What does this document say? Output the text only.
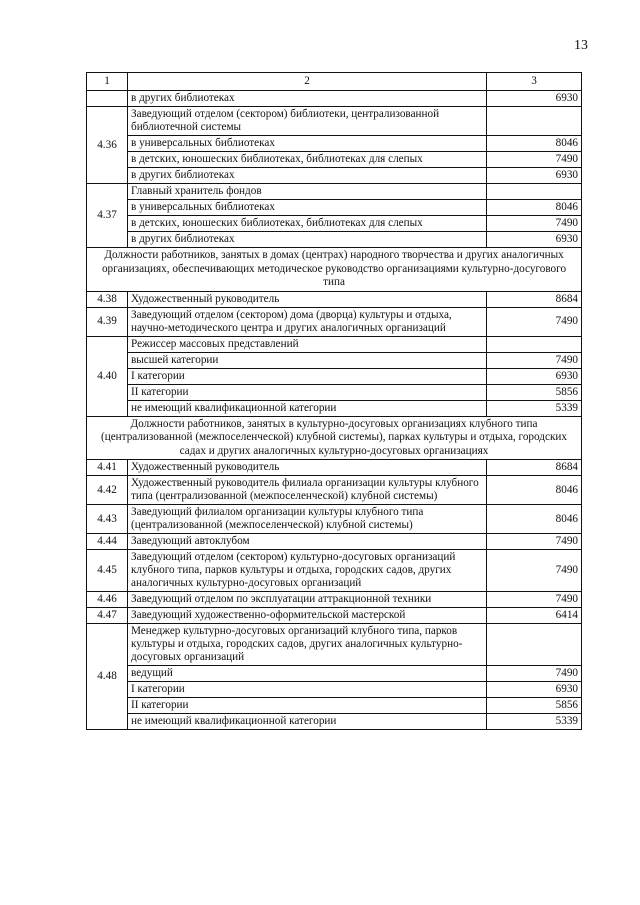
13
1	2	3
	в других библиотеках	6930
4.36	Заведующий отделом (сектором) библиотеки, централизованной библиотечной системы	
	в универсальных библиотеках	8046
	в детских, юношеских библиотеках, библиотеках для слепых	7490
	в других библиотеках	6930
4.37	Главный хранитель фондов	
	в универсальных библиотеках	8046
	в детских, юношеских библиотеках, библиотеках для слепых	7490
	в других библиотеках	6930
Должности работников, занятых в домах (центрах) народного творчества и других аналогичных организациях, обеспечивающих методическое руководство организациями культурно-досугового типа		
4.38	Художественный руководитель	8684
4.39	Заведующий отделом (сектором) дома (дворца) культуры и отдыха, научно-методического центра и других аналогичных организаций	7490
4.40	Режиссер массовых представлений	
	высшей категории	7490
	I категории	6930
	II категории	5856
	не имеющий квалификационной категории	5339
Должности работников, занятых в культурно-досуговых организациях клубного типа (централизованной (межпоселенческой) клубной системы), парках культуры и отдыха, городских садах и других аналогичных культурно-досуговых организациях		
4.41	Художественный руководитель	8684
4.42	Художественный руководитель филиала организации культуры клубного типа (централизованной (межпоселенческой) клубной системы)	8046
4.43	Заведующий филиалом организации культуры клубного типа (централизованной (межпоселенческой) клубной системы)	8046
4.44	Заведующий автоклубом	7490
4.45	Заведующий отделом (сектором) культурно-досуговых организаций клубного типа, парков культуры и отдыха, городских садов, других аналогичных культурно-досуговых организаций	7490
4.46	Заведующий отделом по эксплуатации аттракционной техники	7490
4.47	Заведующий художественно-оформительской мастерской	6414
4.48	Менеджер культурно-досуговых организаций клубного типа, парков культуры и отдыха, городских садов, других аналогичных культурно-досуговых организаций	
	ведущий	7490
	I категории	6930
	II категории	5856
	не имеющий квалификационной категории	5339
